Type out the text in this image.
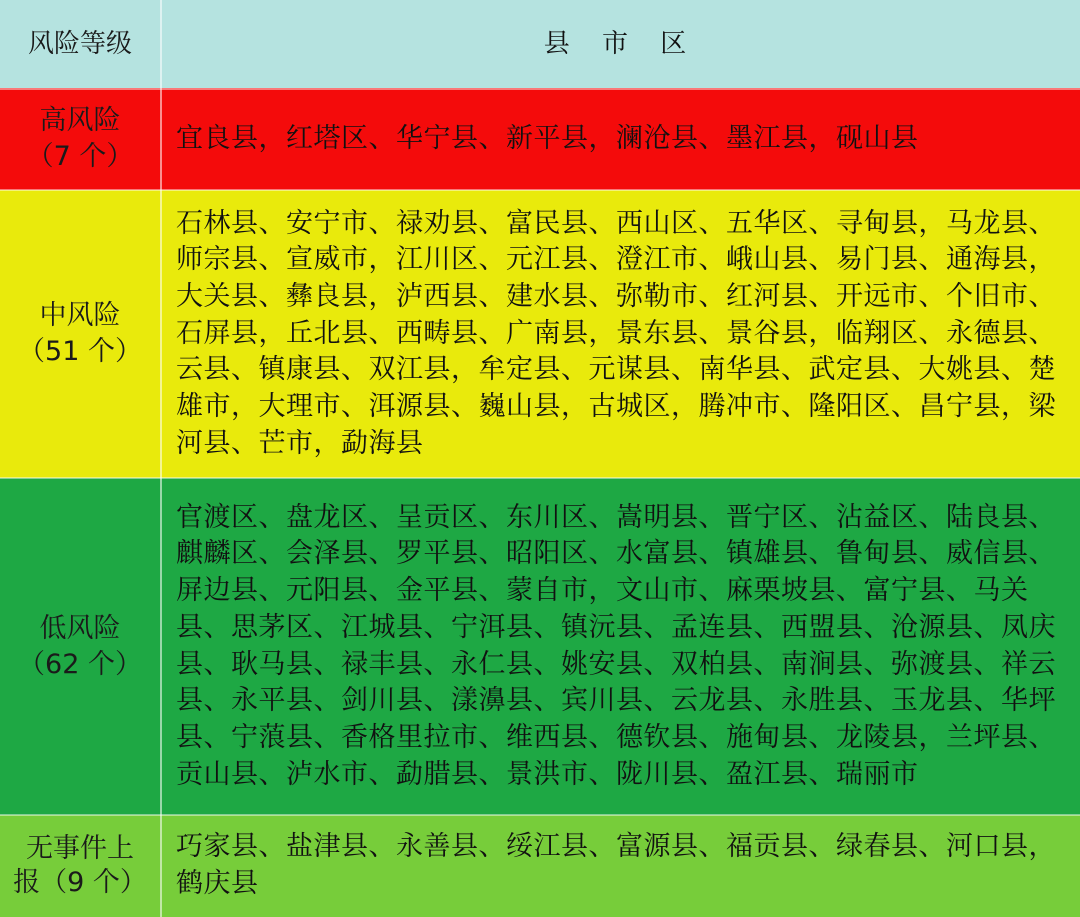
风险等级	县 市 区
高风险
（7 个）
宜良县，红塔区、华宁县、新平县，澜沧县、墨江县，砚山县
中风险
（51 个）
石林县、安宁市、禄劝县、富民县、西山区、五华区、寻甸县，马龙县、师宗县、宣威市，江川区、元江县、澄江市、峨山县、易门县、通海县，大关县、彝良县，泸西县、建水县、弥勒市、红河县、开远市、个旧市、石屏县，丘北县、西畴县、广南县，景东县、景谷县，临翔区、永德县、云县、镇康县、双江县，牟定县、元谋县、南华县、武定县、大姚县、楚雄市，大理市、洱源县、巍山县，古城区，腾冲市、隆阳区、昌宁县，梁河县、芒市，勐海县
低风险
（62 个）
官渡区、盘龙区、呈贡区、东川区、嵩明县、晋宁区、沾益区、陆良县、麒麟区、会泽县、罗平县、昭阳区、水富县、镇雄县、鲁甸县、威信县、屏边县、元阳县、金平县、蒙自市，文山市、麻栗坡县、富宁县、马关县、思茅区、江城县、宁洱县、镇沅县、孟连县、西盟县、沧源县、凤庆县、耿马县、禄丰县、永仁县、姚安县、双柏县、南涧县、弥渡县、祥云县、永平县、剑川县、漾濞县、宾川县、云龙县、永胜县、玉龙县、华坪县、宁蒗县、香格里拉市、维西县、德钦县、施甸县、龙陵县，兰坪县、贡山县、泸水市、勐腊县、景洪市、陇川县、盈江县、瑞丽市
无事件上
报（9 个）
巧家县、盐津县、永善县、绥江县、富源县、福贡县、绿春县、河口县，鹤庆县
